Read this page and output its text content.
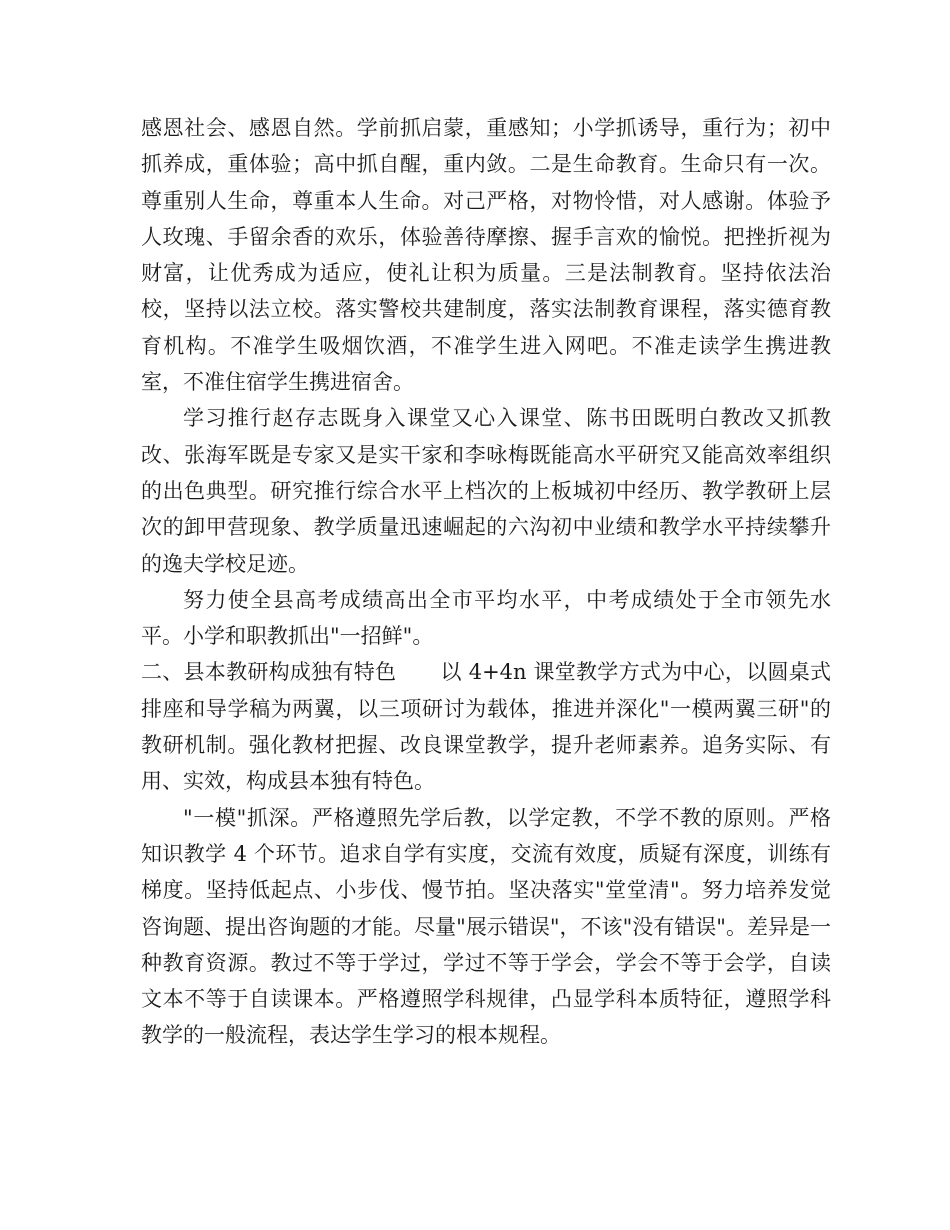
感恩社会、感恩自然。学前抓启蒙，重感知；小学抓诱导，重行为；初中抓养成，重体验；高中抓自醒，重内敛。二是生命教育。生命只有一次。尊重别人生命，尊重本人生命。对己严格，对物怜惜，对人感谢。体验予人玫瑰、手留余香的欢乐，体验善待摩擦、握手言欢的愉悦。把挫折视为财富，让优秀成为适应，使礼让积为质量。三是法制教育。坚持依法治校，坚持以法立校。落实警校共建制度，落实法制教育课程，落实德育教育机构。不准学生吸烟饮酒，不准学生进入网吧。不准走读学生携进教室，不准住宿学生携进宿舍。

学习推行赵存志既身入课堂又心入课堂、陈书田既明白教改又抓教改、张海军既是专家又是实干家和李咏梅既能高水平研究又能高效率组织的出色典型。研究推行综合水平上档次的上板城初中经历、教学教研上层次的卸甲营现象、教学质量迅速崛起的六沟初中业绩和教学水平持续攀升的逸夫学校足迹。

努力使全县高考成绩高出全市平均水平，中考成绩处于全市领先水平。小学和职教抓出"一招鲜"。

二、县本教研构成独有特色 以 4+4n 课堂教学方式为中心，以圆桌式排座和导学稿为两翼，以三项研讨为载体，推进并深化"一模两翼三研"的教研机制。强化教材把握、改良课堂教学，提升老师素养。追务实际、有用、实效，构成县本独有特色。

"一模"抓深。严格遵照先学后教，以学定教，不学不教的原则。严格知识教学 4 个环节。追求自学有实度，交流有效度，质疑有深度，训练有梯度。坚持低起点、小步伐、慢节拍。坚决落实"堂堂清"。努力培养发觉咨询题、提出咨询题的才能。尽量"展示错误"，不该"没有错误"。差异是一种教育资源。教过不等于学过，学过不等于学会，学会不等于会学，自读文本不等于自读课本。严格遵照学科规律，凸显学科本质特征，遵照学科教学的一般流程，表达学生学习的根本规程。
